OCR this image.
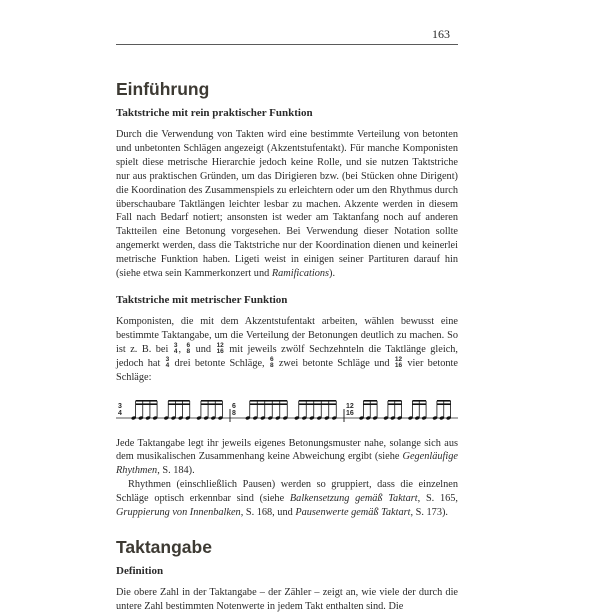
163
Einführung
Taktstriche mit rein praktischer Funktion

Durch die Verwendung von Takten wird eine bestimmte Verteilung von betonten und unbetonten Schlägen angezeigt (Akzentstufentakt). Für manche Komponisten spielt diese metrische Hierarchie jedoch keine Rolle, und sie nutzen Taktstriche nur aus praktischen Gründen, um das Dirigieren bzw. (bei Stücken ohne Dirigent) die Koordination des Zusammenspiels zu erleichtern oder um den Rhythmus durch überschaubare Taktlängen leichter lesbar zu machen. Akzente werden in diesem Fall nach Bedarf notiert; ansonsten ist weder am Taktanfang noch auf anderen Taktteilen eine Betonung vorgesehen. Bei Verwendung dieser Notation sollte angemerkt werden, dass die Taktstriche nur der Koordination dienen und keinerlei metrische Funktion haben. Ligeti weist in einigen seiner Partituren darauf hin (siehe etwa sein Kammerkonzert und Ramifications).

Taktstriche mit metrischer Funktion

Komponisten, die mit dem Akzentstufentakt arbeiten, wählen bewusst eine bestimmte Taktangabe, um die Verteilung der Betonungen deutlich zu machen. So ist z. B. bei 3
4 , 6
8 und 12
16 mit jeweils zwölf Sechzehnteln die Taktlänge gleich, jedoch hat 3
4 drei betonte Schläge, 6
8 zwei betonte Schläge und 12
16 vier betonte Schläge:

3
4
6
8
12
16

Jede Taktangabe legt ihr jeweils eigenes Betonungsmuster nahe, solange sich aus dem musikalischen Zusammenhang keine Abweichung ergibt (siehe Gegenläufige Rhythmen, S. 184).

Rhythmen (einschließlich Pausen) werden so gruppiert, dass die einzelnen Schläge optisch erkennbar sind (siehe Balkensetzung gemäß Taktart, S. 165, Gruppierung von Innenbalken, S. 168, und Pausenwerte gemäß Taktart, S. 173).

Taktangabe
Definition

Die obere Zahl in der Taktangabe – der Zähler – zeigt an, wie viele der durch die untere Zahl bestimmten Notenwerte in jedem Takt enthalten sind. Die
